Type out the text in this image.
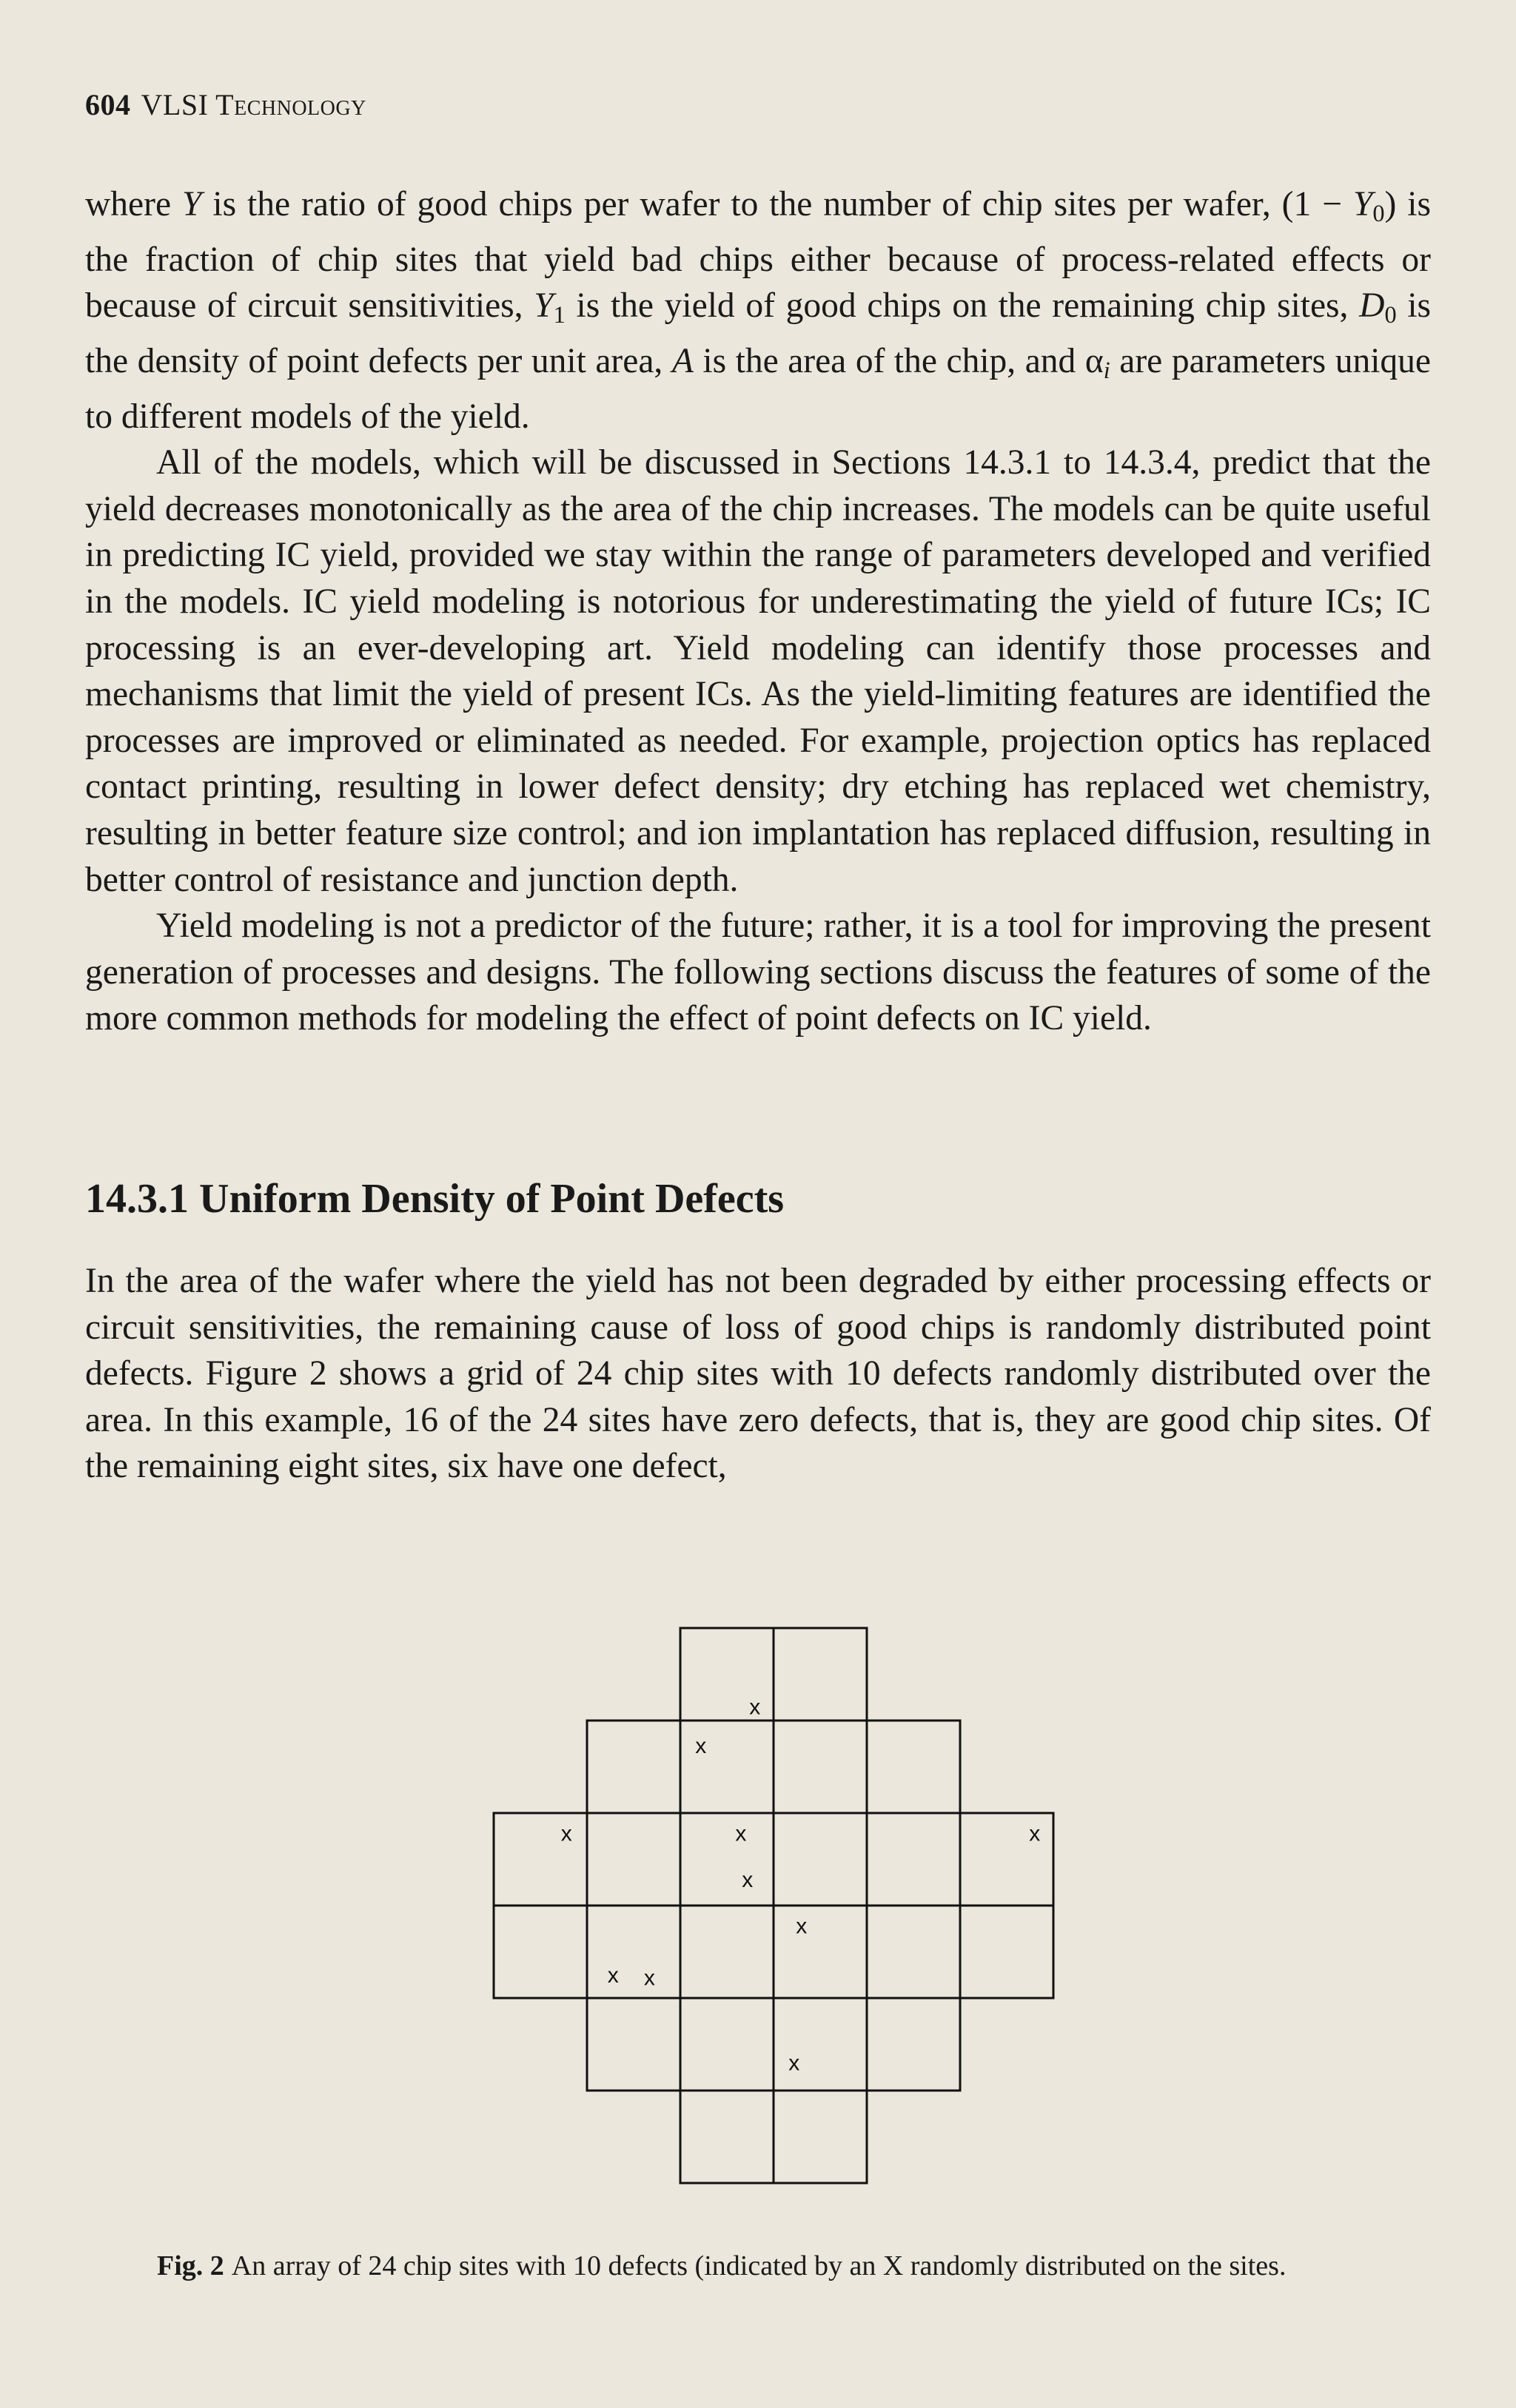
604 VLSI Technology

where Y is the ratio of good chips per wafer to the number of chip sites per wafer, $(1 - Y_0)$ is the fraction of chip sites that yield bad chips either because of process-related effects or because of circuit sensitivities, $Y_1$ is the yield of good chips on the remaining chip sites, $D_0$ is the density of point defects per unit area, A is the area of the chip, and $\alpha_i$ are parameters unique to different models of the yield.

All of the models, which will be discussed in Sections 14.3.1 to 14.3.4, predict that the yield decreases monotonically as the area of the chip increases. The models can be quite useful in predicting IC yield, provided we stay within the range of parameters developed and verified in the models. IC yield modeling is notorious for underestimating the yield of future ICs; IC processing is an ever-developing art. Yield modeling can identify those processes and mechanisms that limit the yield of present ICs. As the yield-limiting features are identified the processes are improved or eliminated as needed. For example, projection optics has replaced contact printing, resulting in lower defect density; dry etching has replaced wet chemistry, resulting in better feature size control; and ion implantation has replaced diffusion, resulting in better control of resistance and junction depth.

Yield modeling is not a predictor of the future; rather, it is a tool for improving the present generation of processes and designs. The following sections discuss the features of some of the more common methods for modeling the effect of point defects on IC yield.

14.3.1 Uniform Density of Point Defects

In the area of the wafer where the yield has not been degraded by either processing effects or circuit sensitivities, the remaining cause of loss of good chips is randomly distributed point defects. Figure 2 shows a grid of 24 chip sites with 10 defects randomly distributed over the area. In this example, 16 of the 24 sites have zero defects, that is, they are good chip sites. Of the remaining eight sites, six have one defect,

x
x
x	x
x
x
x x
x
x

Fig. 2 An array of 24 chip sites with 10 defects (indicated by an X randomly distributed on the sites.
